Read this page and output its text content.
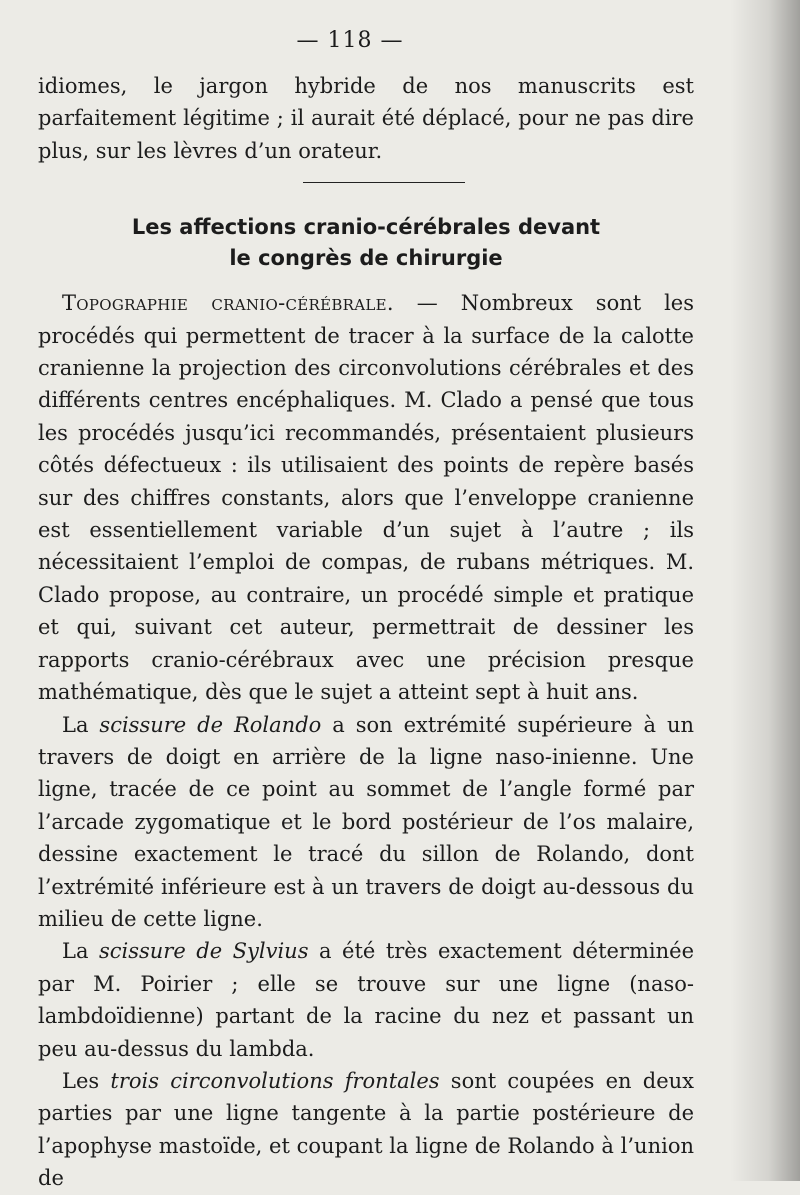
— 118 —

idiomes, le jargon hybride de nos manuscrits est parfaitement légitime ; il aurait été déplacé, pour ne pas dire plus, sur les lèvres d’un orateur.

Les affections cranio-cérébrales devant
le congrès de chirurgie

Topographie cranio-cérébrale. — Nombreux sont les procédés qui permettent de tracer à la surface de la calotte cranienne la projection des circonvolutions cérébrales et des différents centres encéphaliques. M. Clado a pensé que tous les procédés jusqu’ici recommandés, présentaient plusieurs côtés défectueux : ils utilisaient des points de repère basés sur des chiffres constants, alors que l’enveloppe cranienne est essentiellement variable d’un sujet à l’autre ; ils nécessitaient l’emploi de compas, de rubans métriques. M. Clado propose, au contraire, un procédé simple et pratique et qui, suivant cet auteur, permettrait de dessiner les rapports cranio-cérébraux avec une précision presque mathématique, dès que le sujet a atteint sept à huit ans.

La scissure de Rolando a son extrémité supérieure à un travers de doigt en arrière de la ligne naso-inienne. Une ligne, tracée de ce point au sommet de l’angle formé par l’arcade zygomatique et le bord postérieur de l’os malaire, dessine exactement le tracé du sillon de Rolando, dont l’extrémité inférieure est à un travers de doigt au-dessous du milieu de cette ligne.

La scissure de Sylvius a été très exactement déterminée par M. Poirier ; elle se trouve sur une ligne (naso-lambdoïdienne) partant de la racine du nez et passant un peu au-dessus du lambda.

Les trois circonvolutions frontales sont coupées en deux parties par une ligne tangente à la partie postérieure de l’apophyse mastoïde, et coupant la ligne de Rolando à l’union de
